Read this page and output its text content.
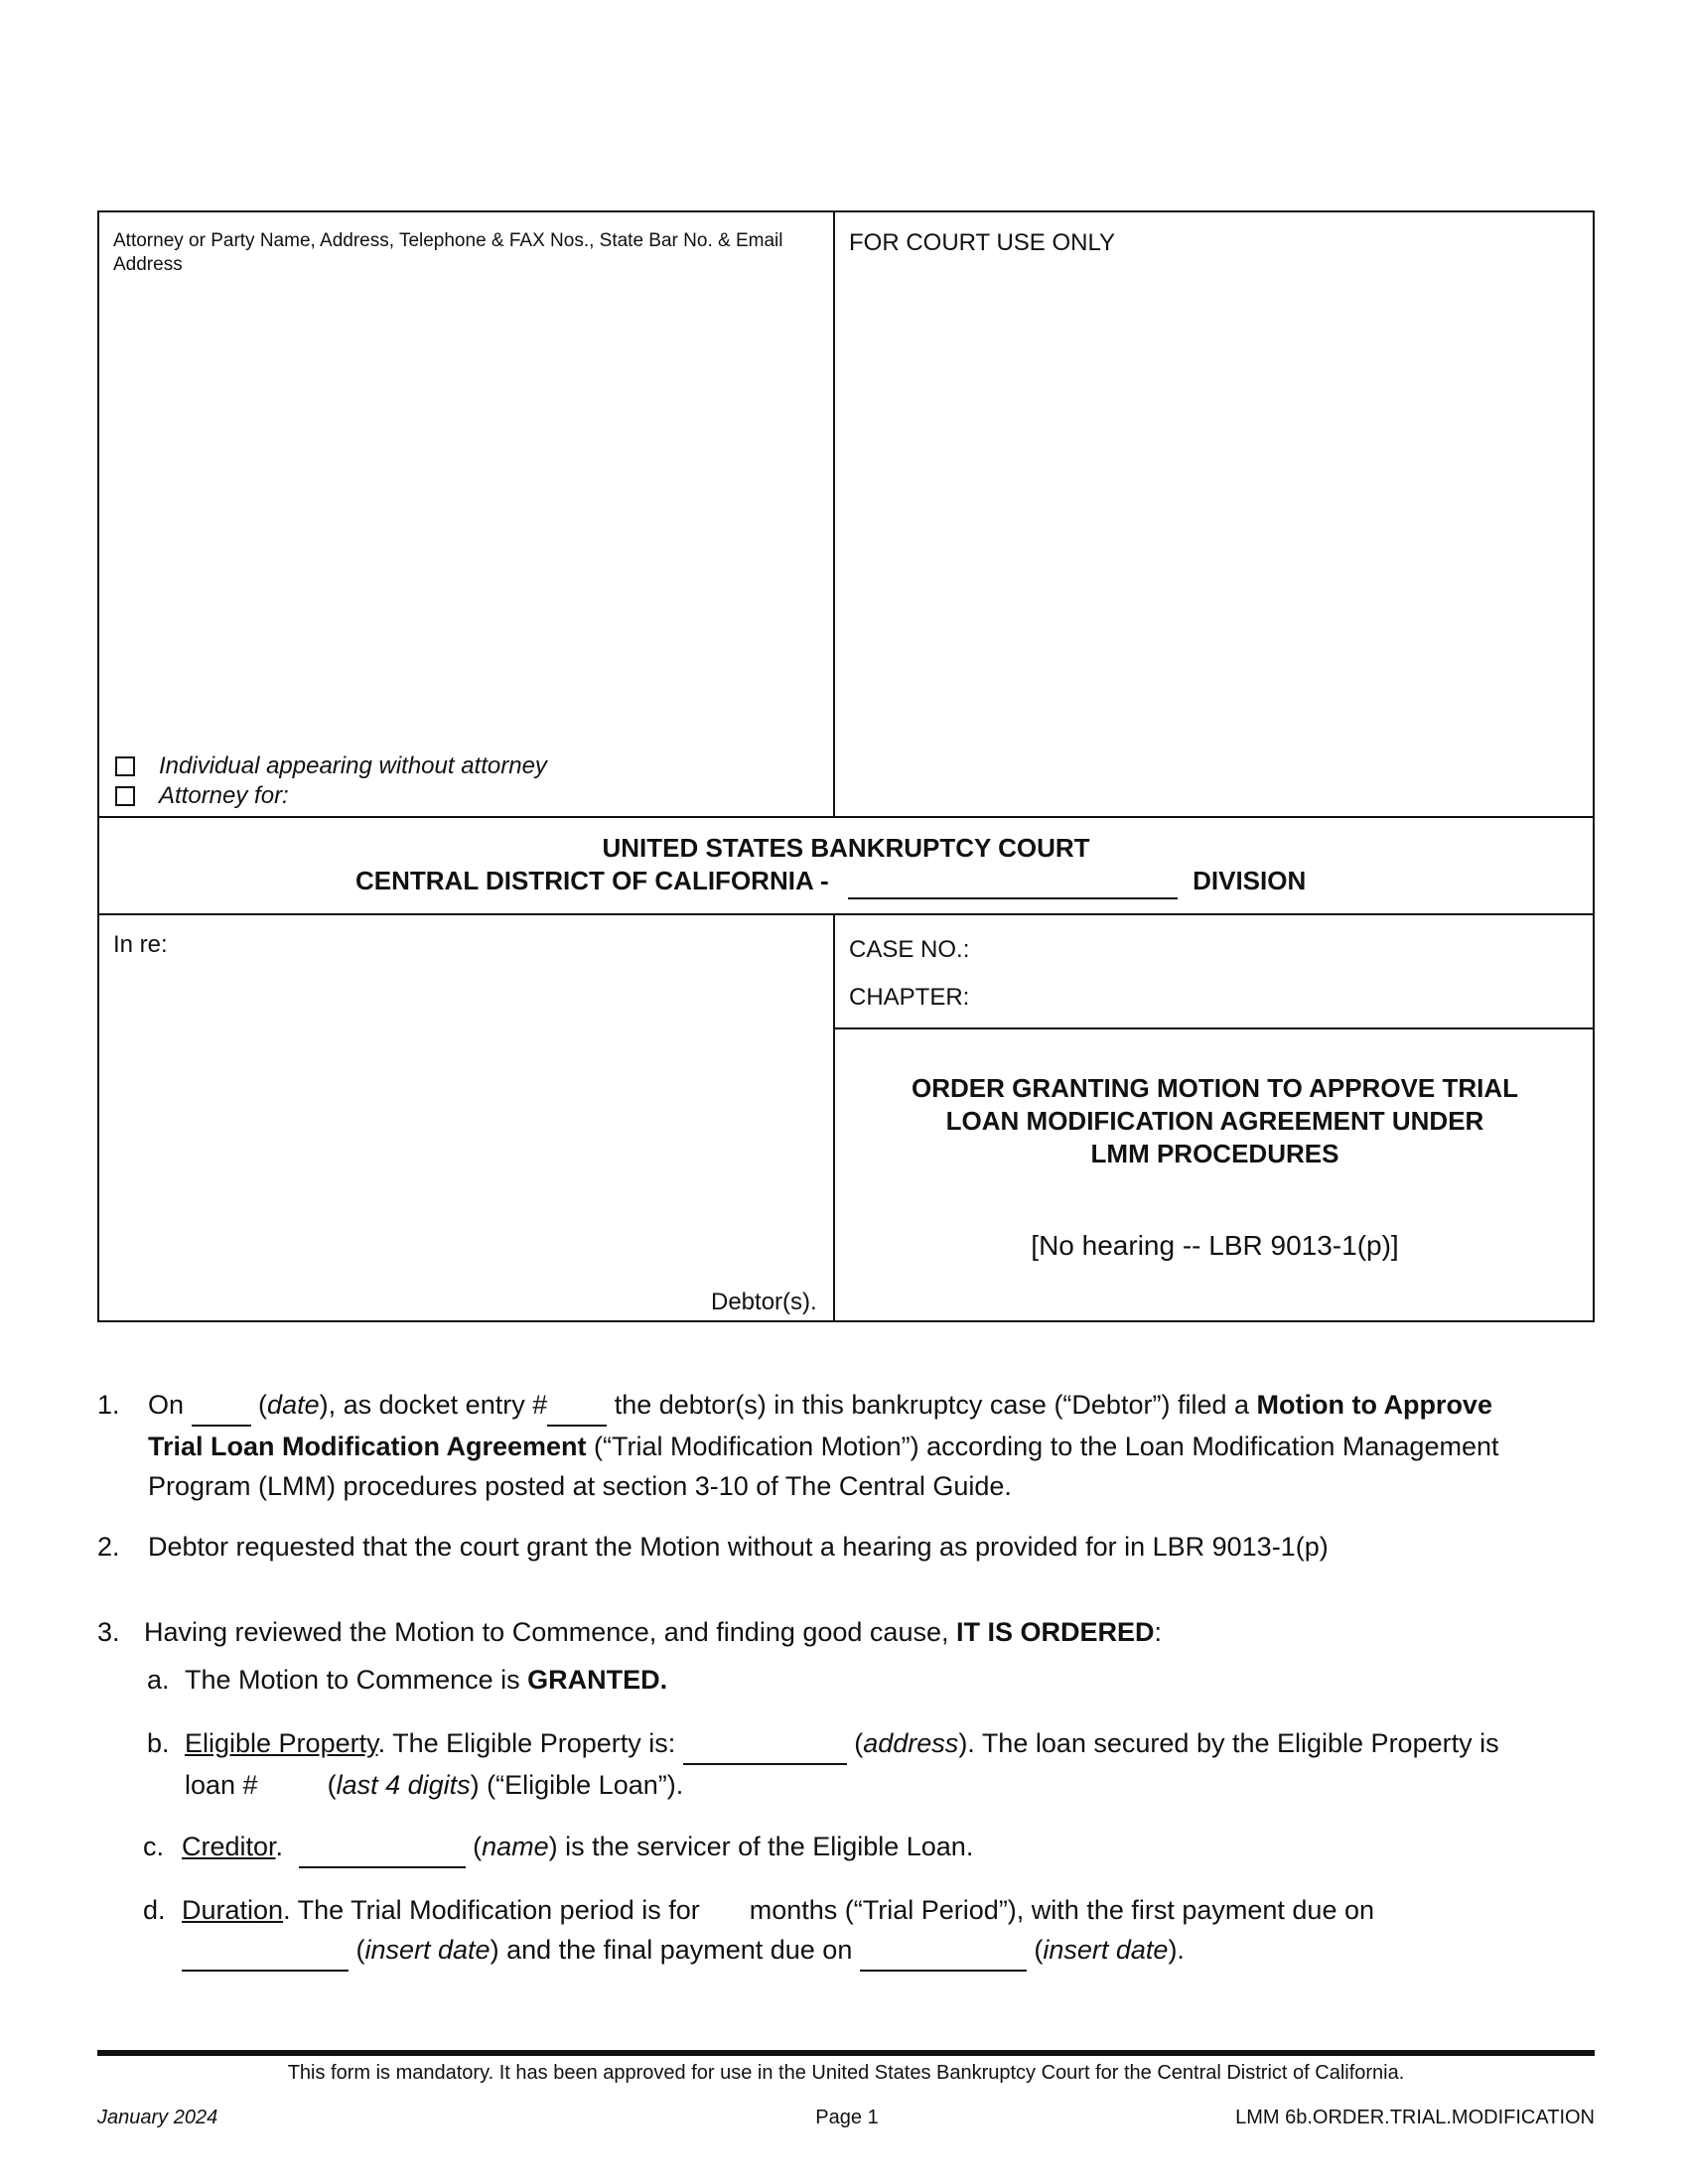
Attorney or Party Name, Address, Telephone & FAX Nos., State Bar No. & Email Address
FOR COURT USE ONLY
Individual appearing without attorney
Attorney for:
UNITED STATES BANKRUPTCY COURT
CENTRAL DISTRICT OF CALIFORNIA -	DIVISION
In re:
Debtor(s).
CASE NO.:
CHAPTER:
ORDER GRANTING MOTION TO APPROVE TRIAL
LOAN MODIFICATION AGREEMENT UNDER
LMM PROCEDURES
[No hearing -- LBR 9013-1(p)]
1. On	(date), as docket entry #  the debtor(s) in this bankruptcy case (“Debtor”) filed a Motion to Approve
Trial Loan Modification Agreement (“Trial Modification Motion”) according to the Loan Modification Management
Program (LMM) procedures posted at section 3-10 of The Central Guide.
2. Debtor requested that the court grant the Motion without a hearing as provided for in LBR 9013-1(p)
3. Having reviewed the Motion to Commence, and finding good cause, IT IS ORDERED:
a. The Motion to Commence is GRANTED.
b. Eligible Property. The Eligible Property is:	(address). The loan secured by the Eligible Property is
loan #	(last 4 digits) (“Eligible Loan”).
c. Creditor.	(name) is the servicer of the Eligible Loan.
d. Duration. The Trial Modification period is for months (“Trial Period”), with the first payment due on
(insert date) and the final payment due on	(insert date).
This form is mandatory. It has been approved for use in the United States Bankruptcy Court for the Central District of California.
January 2024	Page 1	LMM 6b.ORDER.TRIAL.MODIFICATION
